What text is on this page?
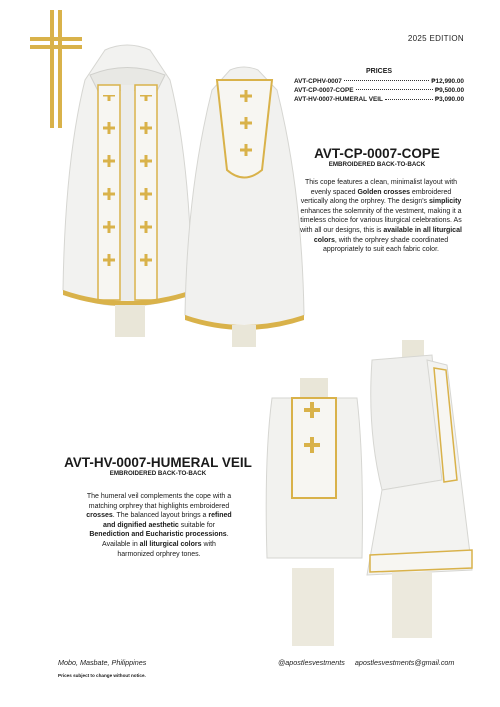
2025 EDITION
PRICES
AVT-CPHV-0007	₱12,990.00
AVT-CP-0007-COPE	₱9,500.00
AVT-HV-0007-HUMERAL VEIL	₱3,090.00
AVT-CP-0007-COPE
EMBROIDERED BACK-TO-BACK
This cope features a clean, minimalist layout with evenly spaced Golden crosses embroidered vertically along the orphrey. The design's simplicity enhances the solemnity of the vestment, making it a timeless choice for various liturgical celebrations. As with all our designs, this is available in all liturgical colors, with the orphrey shade coordinated appropriately to suit each fabric color.
AVT-HV-0007-HUMERAL VEIL
EMBROIDERED BACK-TO-BACK
The humeral veil complements the cope with a matching orphrey that highlights embroidered crosses. The balanced layout brings a refined and dignified aesthetic suitable for Benediction and Eucharistic processions. Available in all liturgical colors with harmonized orphrey tones.
Mobo, Masbate, Philippines
Prices subject to change without notice.
@apostlesvestments apostlesvestments@gmail.com
